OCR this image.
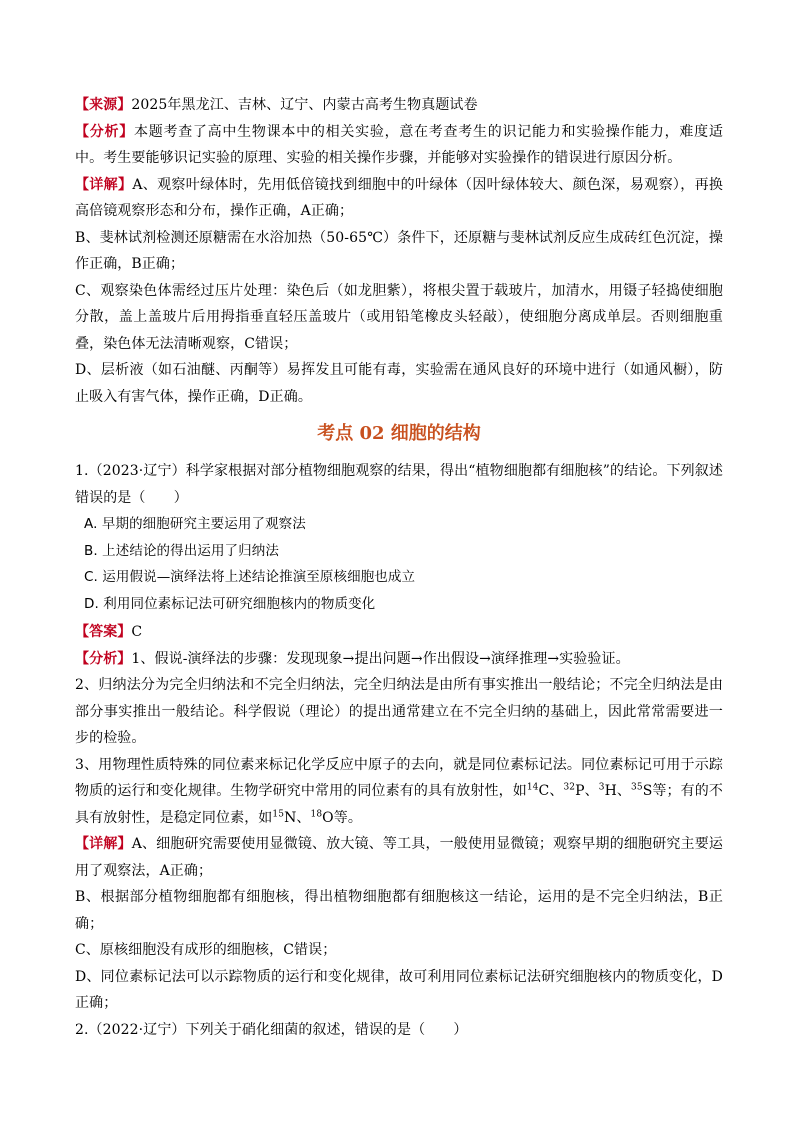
【来源】2025年黑龙江、吉林、辽宁、内蒙古高考生物真题试卷

【分析】本题考查了高中生物课本中的相关实验，意在考查考生的识记能力和实验操作能力，难度适中。考生要能够识记实验的原理、实验的相关操作步骤，并能够对实验操作的错误进行原因分析。

【详解】A、观察叶绿体时，先用低倍镜找到细胞中的叶绿体（因叶绿体较大、颜色深，易观察），再换高倍镜观察形态和分布，操作正确，A正确；

B、斐林试剂检测还原糖需在水浴加热（50-65℃）条件下，还原糖与斐林试剂反应生成砖红色沉淀，操作正确，B正确；

C、观察染色体需经过压片处理：染色后（如龙胆紫），将根尖置于载玻片，加清水，用镊子轻捣使细胞分散，盖上盖玻片后用拇指垂直轻压盖玻片（或用铅笔橡皮头轻敲），使细胞分离成单层。否则细胞重叠，染色体无法清晰观察，C错误；

D、层析液（如石油醚、丙酮等）易挥发且可能有毒，实验需在通风良好的环境中进行（如通风橱），防止吸入有害气体，操作正确，D正确。

考点 02 细胞的结构

1.（2023·辽宁）科学家根据对部分植物细胞观察的结果，得出“植物细胞都有细胞核”的结论。下列叙述错误的是（　　）

A. 早期的细胞研究主要运用了观察法

B. 上述结论的得出运用了归纳法

C. 运用假说—演绎法将上述结论推演至原核细胞也成立

D. 利用同位素标记法可研究细胞核内的物质变化

【答案】C

【分析】1、假说-演绎法的步骤：发现现象→提出问题→作出假设→演绎推理→实验验证。

2、归纳法分为完全归纳法和不完全归纳法，完全归纳法是由所有事实推出一般结论；不完全归纳法是由部分事实推出一般结论。科学假说（理论）的提出通常建立在不完全归纳的基础上，因此常常需要进一步的检验。

3、用物理性质特殊的同位素来标记化学反应中原子的去向，就是同位素标记法。同位素标记可用于示踪物质的运行和变化规律。生物学研究中常用的同位素有的具有放射性，如$^{14}$C、$^{32}$P、$^3$H、$^{35}$S等；有的不具有放射性，是稳定同位素，如$^{15}$N、$^{18}$O等。

【详解】A、细胞研究需要使用显微镜、放大镜、等工具，一般使用显微镜；观察早期的细胞研究主要运用了观察法，A正确；

B、根据部分植物细胞都有细胞核，得出植物细胞都有细胞核这一结论，运用的是不完全归纳法，B正确；

C、原核细胞没有成形的细胞核，C错误；

D、同位素标记法可以示踪物质的运行和变化规律，故可利用同位素标记法研究细胞核内的物质变化，D正确；

2.（2022·辽宁）下列关于硝化细菌的叙述，错误的是（　　）
